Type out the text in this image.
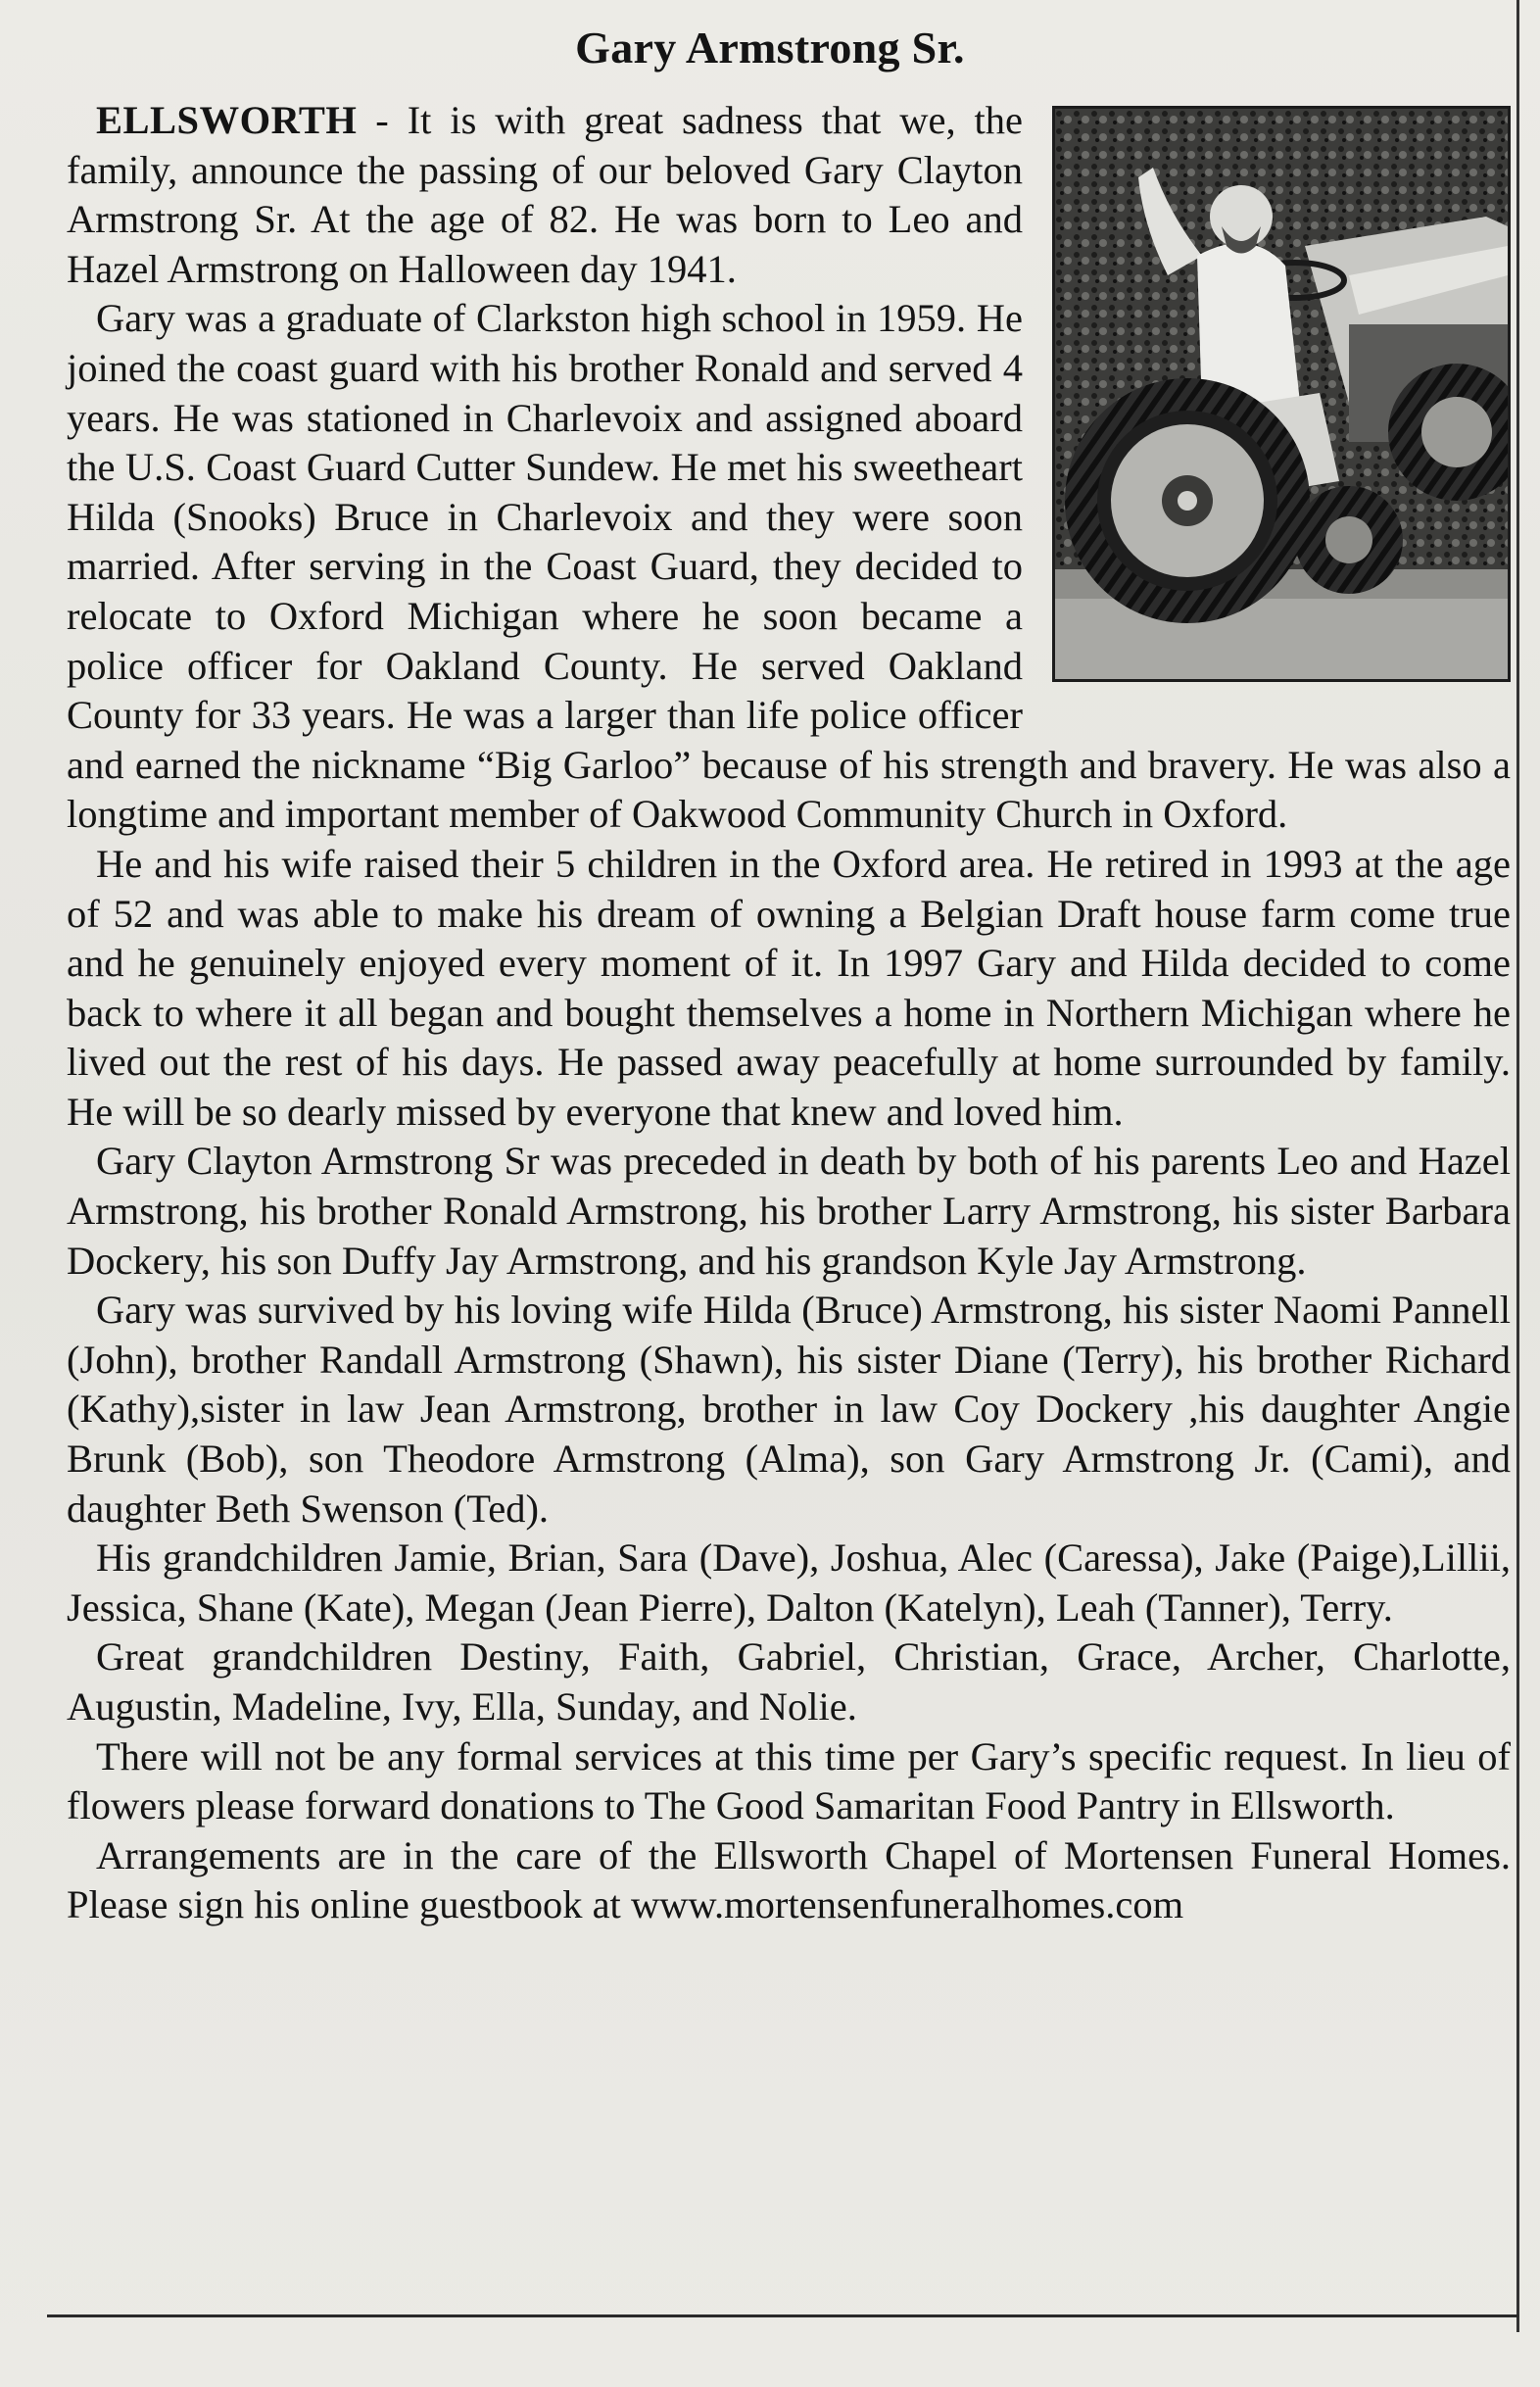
Gary Armstrong Sr.

ELLSWORTH - It is with great sadness that we, the family, announce the passing of our beloved Gary Clayton Armstrong Sr. At the age of 82. He was born to Leo and Hazel Armstrong on Halloween day 1941.

Gary was a graduate of Clarkston high school in 1959. He joined the coast guard with his brother Ronald and served 4 years. He was stationed in Charlevoix and assigned aboard the U.S. Coast Guard Cutter Sundew. He met his sweetheart Hilda (Snooks) Bruce in Charlevoix and they were soon married. After serving in the Coast Guard, they decided to relocate to Oxford Michigan where he soon became a police officer for Oakland County. He served Oakland County for 33 years. He was a larger than life police officer and earned the nickname “Big Garloo” because of his strength and bravery. He was also a longtime and important member of Oakwood Community Church in Oxford.

He and his wife raised their 5 children in the Oxford area. He retired in 1993 at the age of 52 and was able to make his dream of owning a Belgian Draft house farm come true and he genuinely enjoyed every moment of it. In 1997 Gary and Hilda decided to come back to where it all began and bought themselves a home in Northern Michigan where he lived out the rest of his days. He passed away peacefully at home surrounded by family. He will be so dearly missed by everyone that knew and loved him.

Gary Clayton Armstrong Sr was preceded in death by both of his parents Leo and Hazel Armstrong, his brother Ronald Armstrong, his brother Larry Armstrong, his sister Barbara Dockery, his son Duffy Jay Armstrong, and his grandson Kyle Jay Armstrong.

Gary was survived by his loving wife Hilda (Bruce) Armstrong, his sister Naomi Pannell (John), brother Randall Armstrong (Shawn), his sister Diane (Terry), his brother Richard (Kathy),sister in law Jean Armstrong, brother in law Coy Dockery ,his daughter Angie Brunk (Bob), son Theodore Armstrong (Alma), son Gary Armstrong Jr. (Cami), and daughter Beth Swenson (Ted).

His grandchildren Jamie, Brian, Sara (Dave), Joshua, Alec (Caressa), Jake (Paige),Lillii, Jessica, Shane (Kate), Megan (Jean Pierre), Dalton (Katelyn), Leah (Tanner), Terry.

Great grandchildren Destiny, Faith, Gabriel, Christian, Grace, Archer, Charlotte, Augustin, Madeline, Ivy, Ella, Sunday, and Nolie.

There will not be any formal services at this time per Gary’s specific request. In lieu of flowers please forward donations to The Good Samaritan Food Pantry in Ellsworth.

Arrangements are in the care of the Ellsworth Chapel of Mortensen Funeral Homes. Please sign his online guestbook at www.mortensenfuneralhomes.com
